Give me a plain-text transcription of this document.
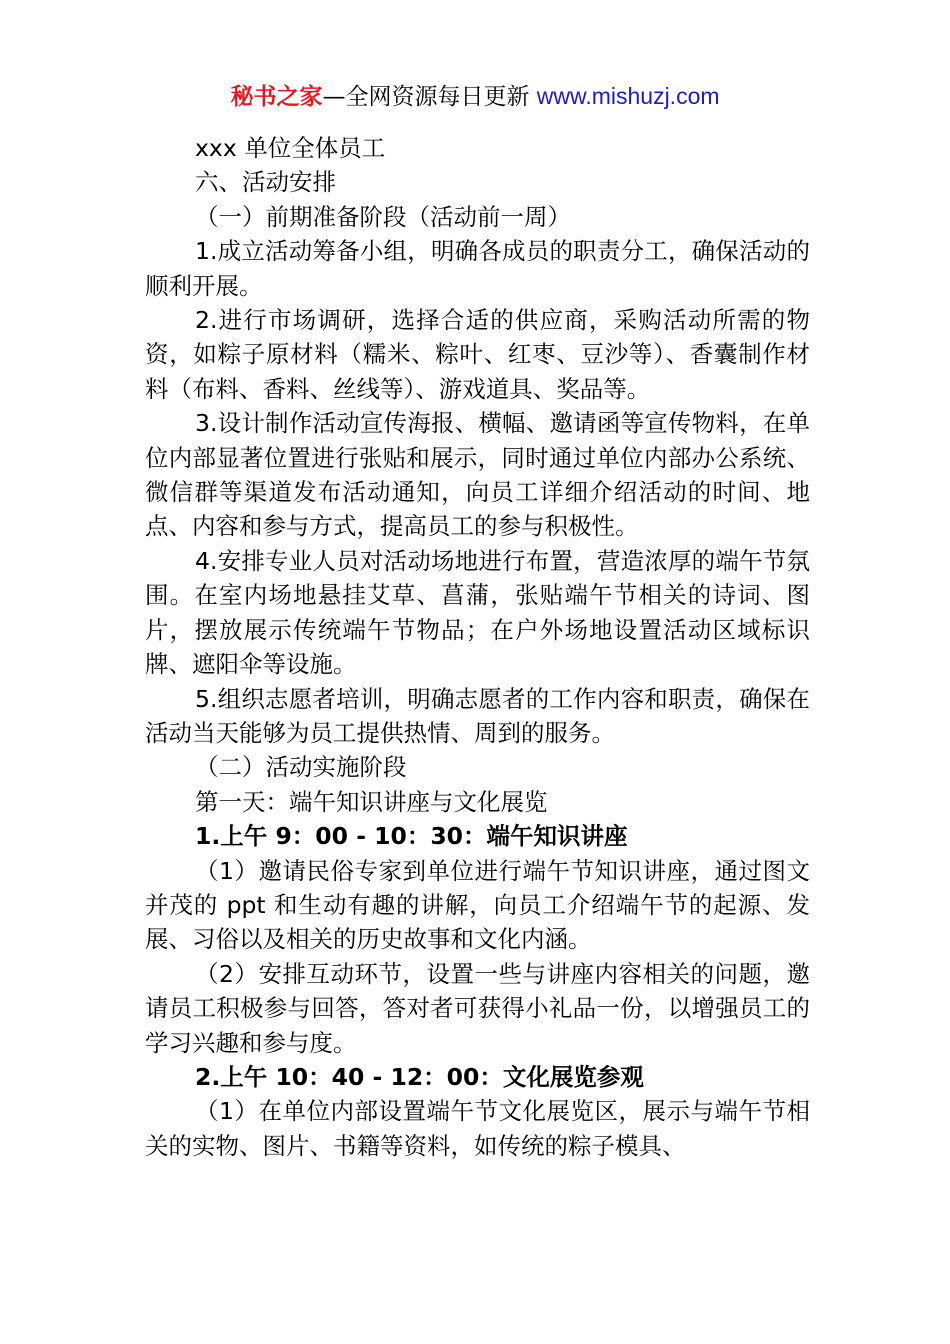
秘书之家—全网资源每日更新 www.mishuzj.com

xxx 单位全体员工

六、活动安排

（一）前期准备阶段（活动前一周）

1.成立活动筹备小组，明确各成员的职责分工，确保活动的顺利开展。

2.进行市场调研，选择合适的供应商，采购活动所需的物资，如粽子原材料（糯米、粽叶、红枣、豆沙等）、香囊制作材料（布料、香料、丝线等）、游戏道具、奖品等。

3.设计制作活动宣传海报、横幅、邀请函等宣传物料，在单位内部显著位置进行张贴和展示，同时通过单位内部办公系统、微信群等渠道发布活动通知，向员工详细介绍活动的时间、地点、内容和参与方式，提高员工的参与积极性。

4.安排专业人员对活动场地进行布置，营造浓厚的端午节氛围。在室内场地悬挂艾草、菖蒲，张贴端午节相关的诗词、图片，摆放展示传统端午节物品；在户外场地设置活动区域标识牌、遮阳伞等设施。

5.组织志愿者培训，明确志愿者的工作内容和职责，确保在活动当天能够为员工提供热情、周到的服务。

（二）活动实施阶段

第一天：端午知识讲座与文化展览

1.上午 9：00 - 10：30：端午知识讲座

（1）邀请民俗专家到单位进行端午节知识讲座，通过图文并茂的 ppt 和生动有趣的讲解，向员工介绍端午节的起源、发展、习俗以及相关的历史故事和文化内涵。

（2）安排互动环节，设置一些与讲座内容相关的问题，邀请员工积极参与回答，答对者可获得小礼品一份，以增强员工的学习兴趣和参与度。

2.上午 10：40 - 12：00：文化展览参观

（1）在单位内部设置端午节文化展览区，展示与端午节相关的实物、图片、书籍等资料，如传统的粽子模具、
